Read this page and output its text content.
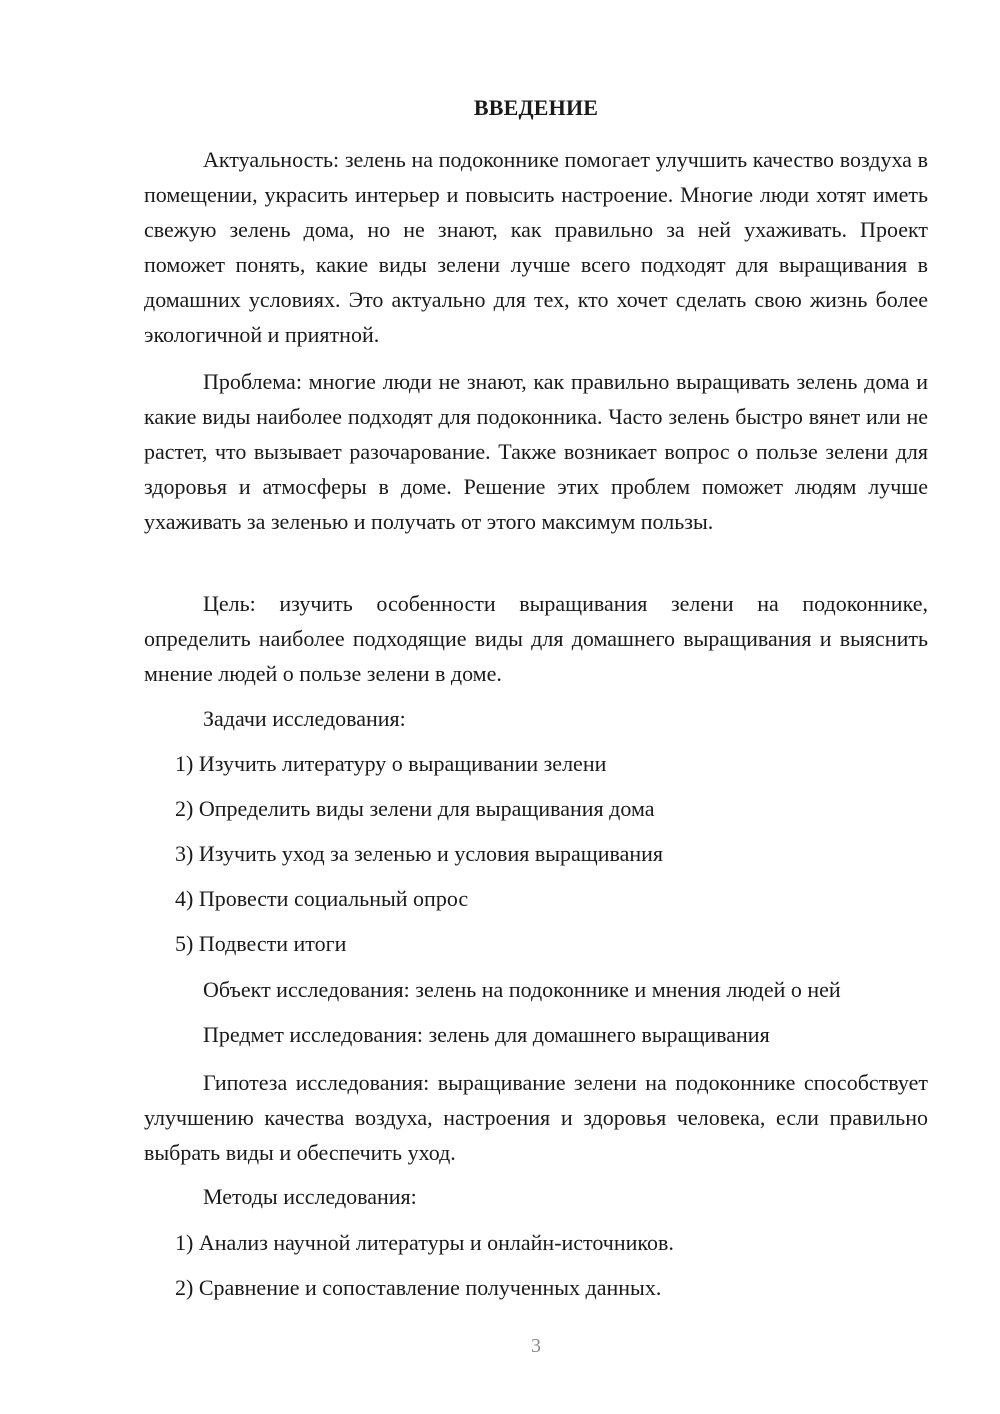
ВВЕДЕНИЕ

Актуальность: зелень на подоконнике помогает улучшить качество воздуха в помещении, украсить интерьер и повысить настроение. Многие люди хотят иметь свежую зелень дома, но не знают, как правильно за ней ухаживать. Проект поможет понять, какие виды зелени лучше всего подходят для выращивания в домашних условиях. Это актуально для тех, кто хочет сделать свою жизнь более экологичной и приятной.

Проблема: многие люди не знают, как правильно выращивать зелень дома и какие виды наиболее подходят для подоконника. Часто зелень быстро вянет или не растет, что вызывает разочарование. Также возникает вопрос о пользе зелени для здоровья и атмосферы в доме. Решение этих проблем поможет людям лучше ухаживать за зеленью и получать от этого максимум пользы.

Цель: изучить особенности выращивания зелени на подоконнике, определить наиболее подходящие виды для домашнего выращивания и выяснить мнение людей о пользе зелени в доме.

Задачи исследования:

1) Изучить литературу о выращивании зелени

2) Определить виды зелени для выращивания дома

3) Изучить уход за зеленью и условия выращивания

4) Провести социальный опрос

5) Подвести итоги

Объект исследования: зелень на подоконнике и мнения людей о ней

Предмет исследования: зелень для домашнего выращивания

Гипотеза исследования: выращивание зелени на подоконнике способствует улучшению качества воздуха, настроения и здоровья человека, если правильно выбрать виды и обеспечить уход.

Методы исследования:

1) Анализ научной литературы и онлайн-источников.

2) Сравнение и сопоставление полученных данных.

3
